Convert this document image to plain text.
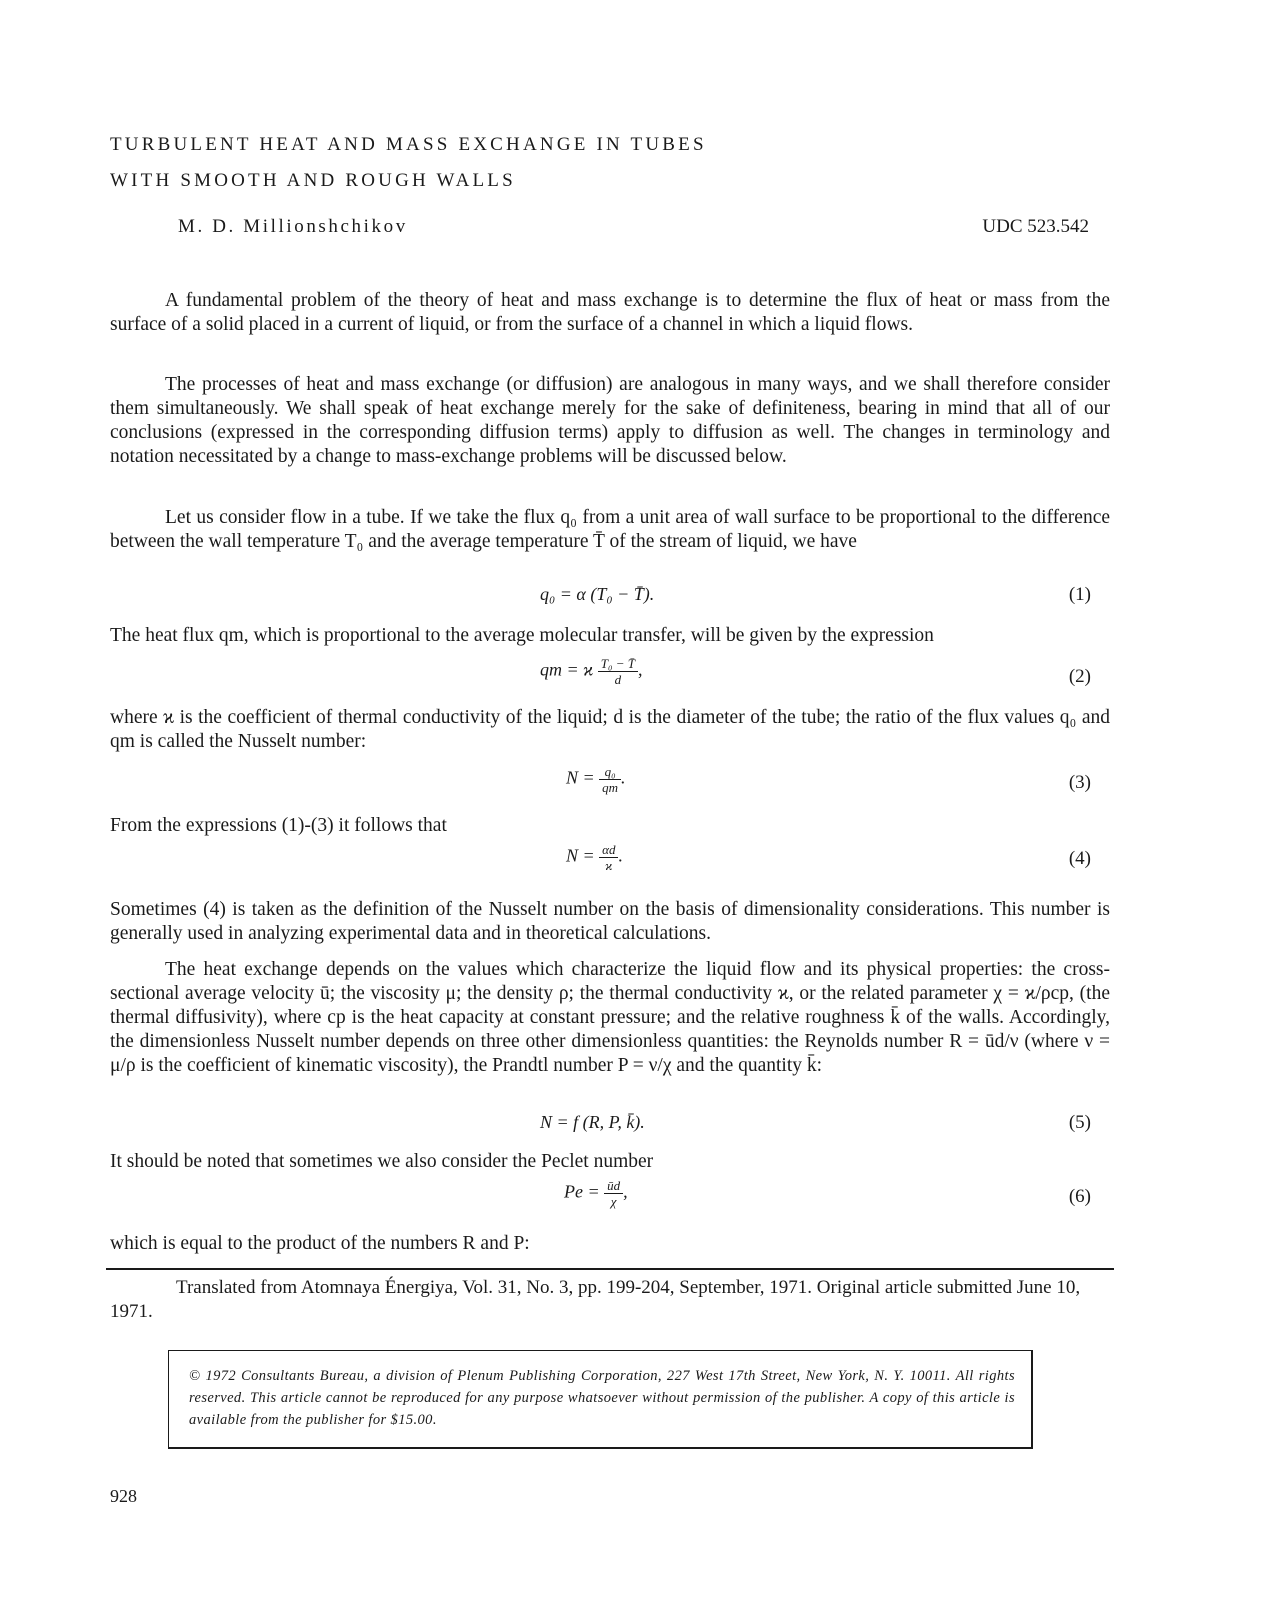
TURBULENT HEAT AND MASS EXCHANGE IN TUBES
WITH SMOOTH AND ROUGH WALLS
M. D. Millionshchikov	UDC 523.542

A fundamental problem of the theory of heat and mass exchange is to determine the flux of heat or mass from the surface of a solid placed in a current of liquid, or from the surface of a channel in which a liquid flows.

The processes of heat and mass exchange (or diffusion) are analogous in many ways, and we shall therefore consider them simultaneously. We shall speak of heat exchange merely for the sake of definiteness, bearing in mind that all of our conclusions (expressed in the corresponding diffusion terms) apply to diffusion as well. The changes in terminology and notation necessitated by a change to mass-exchange problems will be discussed below.

Let us consider flow in a tube. If we take the flux q₀ from a unit area of wall surface to be proportional to the difference between the wall temperature T₀ and the average temperature T̄ of the stream of liquid, we have

q₀ = α (T₀ − T̄).	(1)
The heat flux qm, which is proportional to the average molecular transfer, will be given by the expression
qm = ϰ $\frac{\text{T₀ − T̄}}{d}$ ,	(2)

where ϰ is the coefficient of thermal conductivity of the liquid; d is the diameter of the tube; the ratio of the flux values q₀ and qm is called the Nusselt number:

$N = \frac{\text{q₀}}{qm}$ .	(3)
From the expressions (1)-(3) it follows that
$N = \frac{\alpha d}{ϰ}$ .	(4)

Sometimes (4) is taken as the definition of the Nusselt number on the basis of dimensionality considerations. This number is generally used in analyzing experimental data and in theoretical calculations.

The heat exchange depends on the values which characterize the liquid flow and its physical properties: the cross-sectional average velocity ū; the viscosity μ; the density ρ; the thermal conductivity ϰ, or the related parameter χ = ϰ/ρcp, (the thermal diffusivity), where cp is the heat capacity at constant pressure; and the relative roughness k̄ of the walls. Accordingly, the dimensionless Nusselt number depends on three other dimensionless quantities: the Reynolds number R = ūd/ν (where ν = μ/ρ is the coefficient of kinematic viscosity), the Prandtl number P = ν/χ and the quantity k̄:

N = f (R, P, k̄).	(5)
It should be noted that sometimes we also consider the Peclet number
$Pe = \frac{ūd}{\chi}$ ,	(6)
which is equal to the product of the numbers R and P:

Translated from Atomnaya Énergiya, Vol. 31, No. 3, pp. 199-204, September, 1971. Original article submitted June 10, 1971.

© 1972 Consultants Bureau, a division of Plenum Publishing Corporation, 227 West 17th Street, New York, N. Y. 10011. All rights reserved. This article cannot be reproduced for any purpose whatsoever without permission of the publisher. A copy of this article is available from the publisher for $15.00.

928
